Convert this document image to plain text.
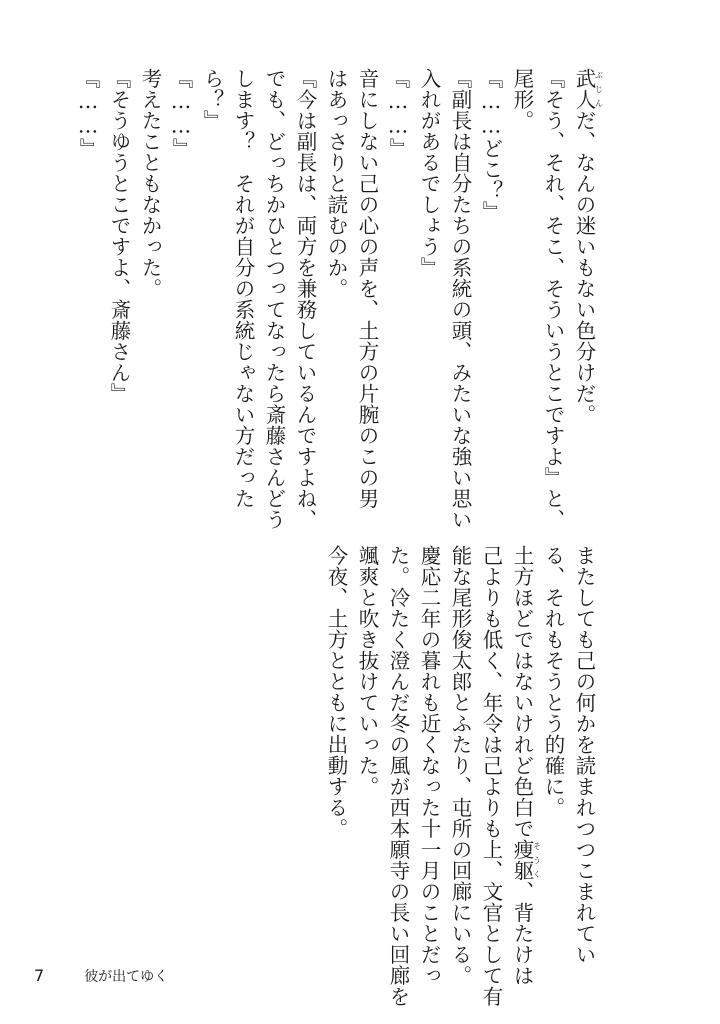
武人ぶじんだ、なんの迷いもない色分けだ。
『そう、それ、そこ、そういうとこですよ』と、
尾形。
『……どこ？』
『副長は自分たちの系統の頭、みたいな強い思い
入れがあるでしょう』
『……』
音にしない己の心の声を、土方の片腕のこの男
はあっさりと読むのか。
『今は副長は、両方を兼務しているんですよね、
でも、どっちかひとつってなったら斎藤さんどう
します？　それが自分の系統じゃない方だった
ら？』
『……』
考えたこともなかった。
『そうゆうとこですよ、斎藤さん』
『……』
またしても己の何かを読まれつつこまれてい
る、それもそうとう的確に。
土方ほどではないけれど色白で痩躯そうく、背たけは
己よりも低く、年令は己よりも上、文官として有
能な尾形俊太郎とふたり、屯所の回廊にいる。
慶応二年の暮れも近くなった十一月のことだっ
た。冷たく澄んだ冬の風が西本願寺の長い回廊を
颯爽と吹き抜けていった。
今夜、土方とともに出動する。
7	彼が出てゆく
